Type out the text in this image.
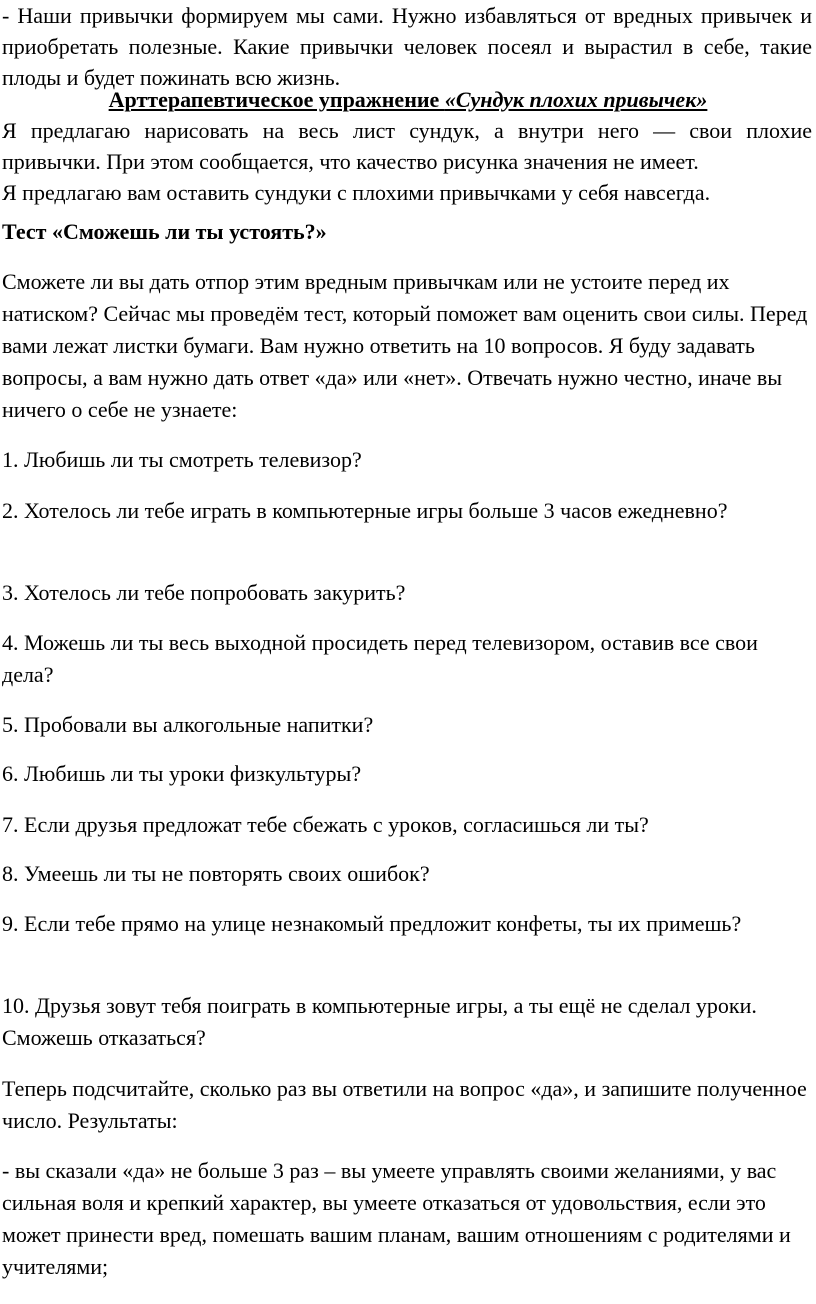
- Наши привычки формируем мы сами. Нужно избавляться от вредных привычек и приобретать полезные. Какие привычки человек посеял и вырастил в себе, такие плоды и будет пожинать всю жизнь.

Арттерапевтическое упражнение «Сундук плохих привычек»

Я предлагаю нарисовать на весь лист сундук, а внутри него — свои плохие привычки. При этом сообщается, что качество рисунка значения не имеет.

Я предлагаю вам оставить сундуки с плохими привычками у себя навсегда.

Тест «Сможешь ли ты устоять?»

Сможете ли вы дать отпор этим вредным привычкам или не устоите перед их натиском? Сейчас мы проведём тест, который поможет вам оценить свои силы. Перед вами лежат листки бумаги. Вам нужно ответить на 10 вопросов. Я буду задавать вопросы, а вам нужно дать ответ «да» или «нет». Отвечать нужно честно, иначе вы ничего о себе не узнаете:

1. Любишь ли ты смотреть телевизор?

2. Хотелось ли тебе играть в компьютерные игры больше 3 часов ежедневно?

3. Хотелось ли тебе попробовать закурить?

4. Можешь ли ты весь выходной просидеть перед телевизором, оставив все свои дела?

5. Пробовали вы алкогольные напитки?

6. Любишь ли ты уроки физкультуры?

7. Если друзья предложат тебе сбежать с уроков, согласишься ли ты?

8. Умеешь ли ты не повторять своих ошибок?

9. Если тебе прямо на улице незнакомый предложит конфеты, ты их примешь?

10. Друзья зовут тебя поиграть в компьютерные игры, а ты ещё не сделал уроки. Сможешь отказаться?

Теперь подсчитайте, сколько раз вы ответили на вопрос «да», и запишите полученное число. Результаты:

- вы сказали «да» не больше 3 раз – вы умеете управлять своими желаниями, у вас сильная воля и крепкий характер, вы умеете отказаться от удовольствия, если это может принести вред, помешать вашим планам, вашим отношениям с родителями и учителями;
